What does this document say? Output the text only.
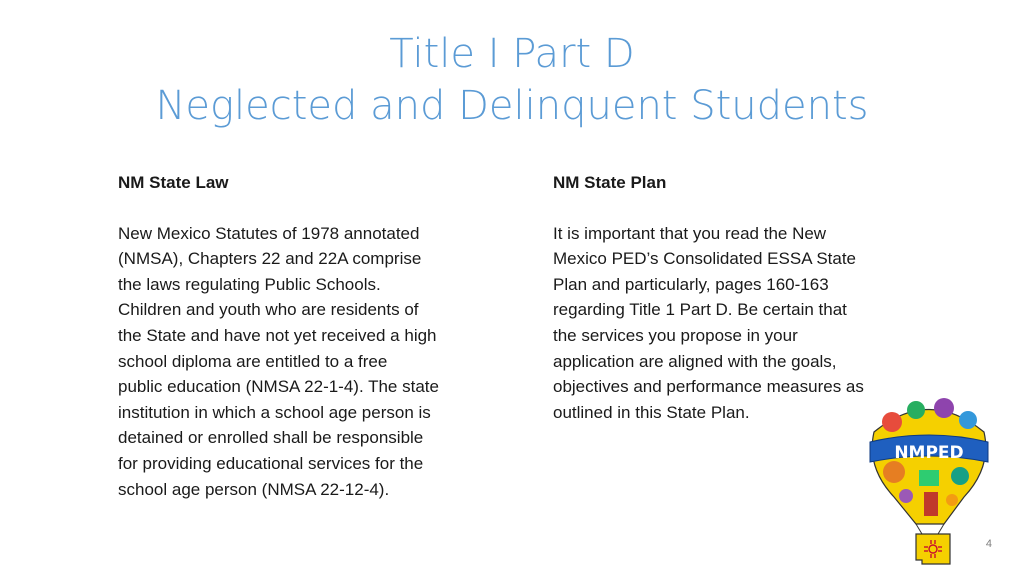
Title I Part D
Neglected and Delinquent Students
NM State Law
New Mexico Statutes of 1978 annotated
(NMSA), Chapters 22 and 22A comprise
the laws regulating Public Schools.
Children and youth who are residents of
the State and have not yet received a high
school diploma are entitled to a free
public education (NMSA 22-1-4). The state
institution in which a school age person is
detained or enrolled shall be responsible
for providing educational services for the
school age person (NMSA 22-12-4).
NM State Plan
It is important that you read the New
Mexico PED’s Consolidated ESSA State
Plan and particularly, pages 160-163
regarding Title 1 Part D. Be certain that
the services you propose in your
application are aligned with the goals,
objectives and performance measures as
outlined in this State Plan.
NMPED
4
